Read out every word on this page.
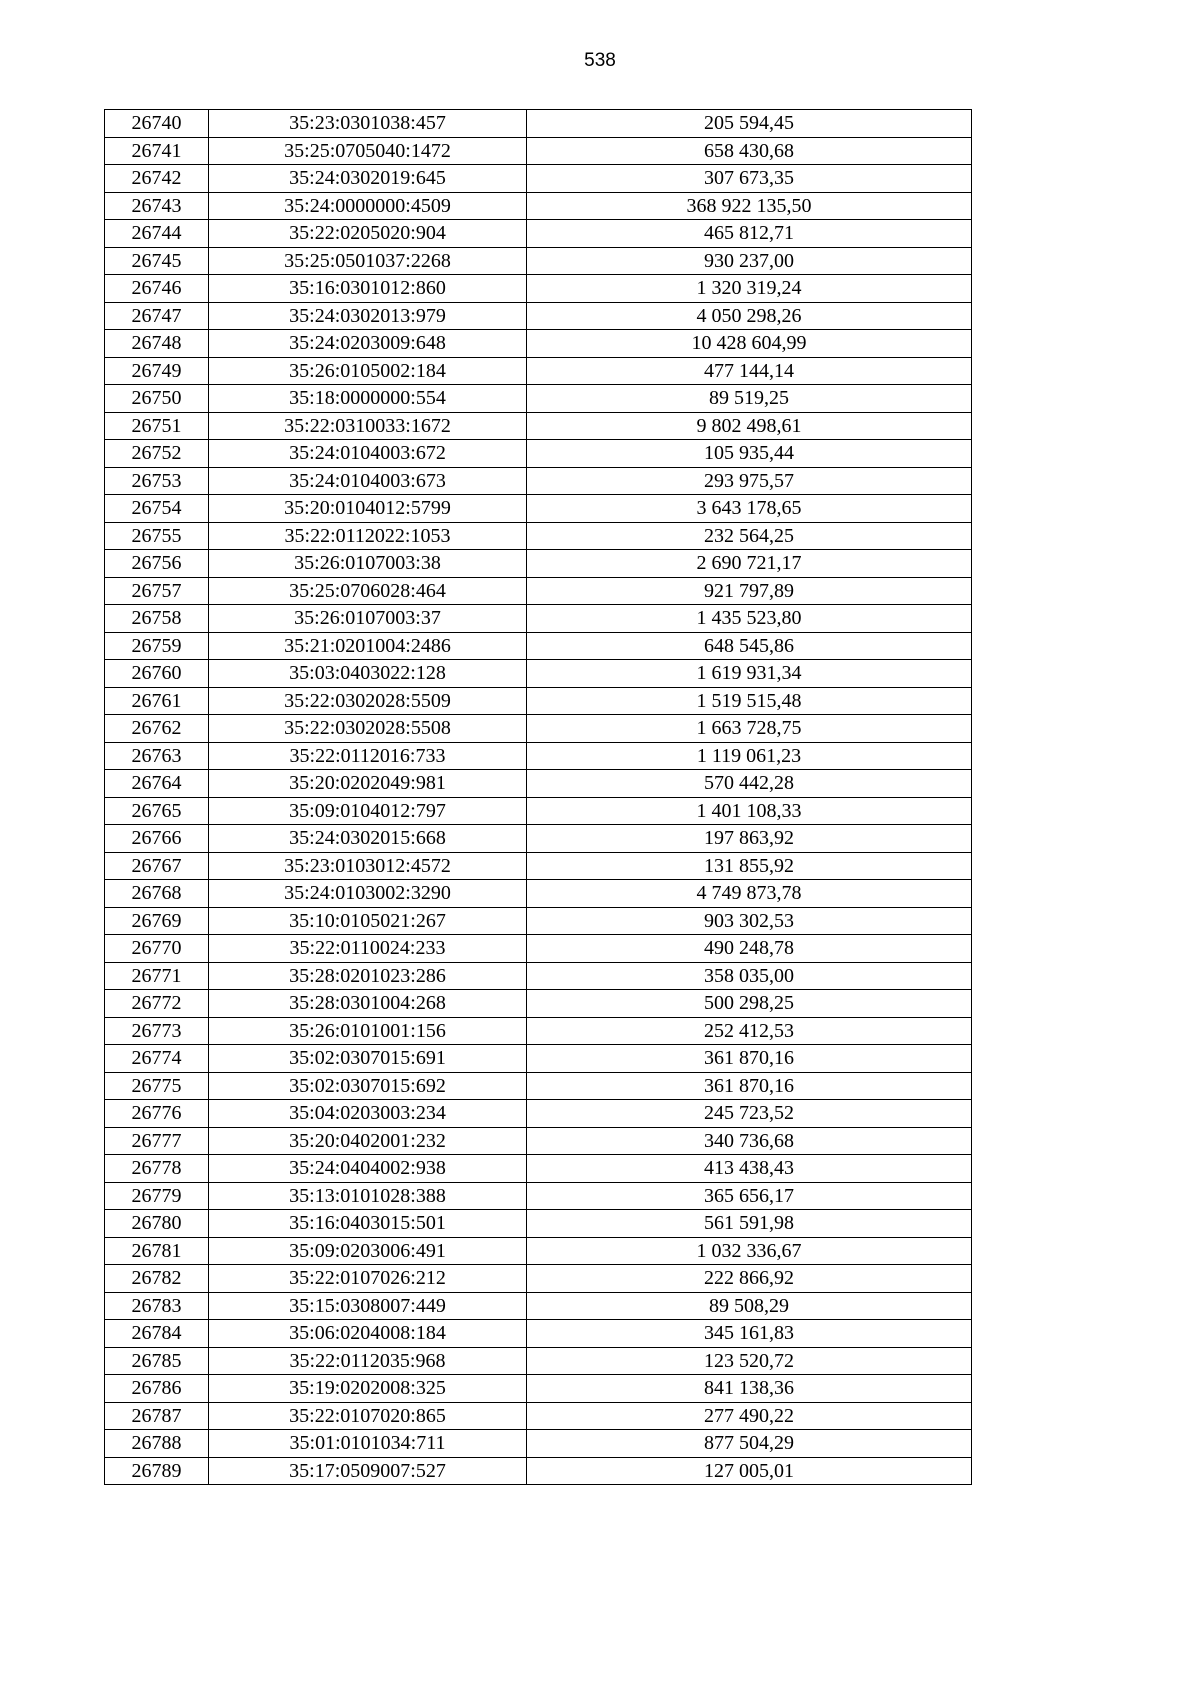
538
26740	35:23:0301038:457	205 594,45
26741	35:25:0705040:1472	658 430,68
26742	35:24:0302019:645	307 673,35
26743	35:24:0000000:4509	368 922 135,50
26744	35:22:0205020:904	465 812,71
26745	35:25:0501037:2268	930 237,00
26746	35:16:0301012:860	1 320 319,24
26747	35:24:0302013:979	4 050 298,26
26748	35:24:0203009:648	10 428 604,99
26749	35:26:0105002:184	477 144,14
26750	35:18:0000000:554	89 519,25
26751	35:22:0310033:1672	9 802 498,61
26752	35:24:0104003:672	105 935,44
26753	35:24:0104003:673	293 975,57
26754	35:20:0104012:5799	3 643 178,65
26755	35:22:0112022:1053	232 564,25
26756	35:26:0107003:38	2 690 721,17
26757	35:25:0706028:464	921 797,89
26758	35:26:0107003:37	1 435 523,80
26759	35:21:0201004:2486	648 545,86
26760	35:03:0403022:128	1 619 931,34
26761	35:22:0302028:5509	1 519 515,48
26762	35:22:0302028:5508	1 663 728,75
26763	35:22:0112016:733	1 119 061,23
26764	35:20:0202049:981	570 442,28
26765	35:09:0104012:797	1 401 108,33
26766	35:24:0302015:668	197 863,92
26767	35:23:0103012:4572	131 855,92
26768	35:24:0103002:3290	4 749 873,78
26769	35:10:0105021:267	903 302,53
26770	35:22:0110024:233	490 248,78
26771	35:28:0201023:286	358 035,00
26772	35:28:0301004:268	500 298,25
26773	35:26:0101001:156	252 412,53
26774	35:02:0307015:691	361 870,16
26775	35:02:0307015:692	361 870,16
26776	35:04:0203003:234	245 723,52
26777	35:20:0402001:232	340 736,68
26778	35:24:0404002:938	413 438,43
26779	35:13:0101028:388	365 656,17
26780	35:16:0403015:501	561 591,98
26781	35:09:0203006:491	1 032 336,67
26782	35:22:0107026:212	222 866,92
26783	35:15:0308007:449	89 508,29
26784	35:06:0204008:184	345 161,83
26785	35:22:0112035:968	123 520,72
26786	35:19:0202008:325	841 138,36
26787	35:22:0107020:865	277 490,22
26788	35:01:0101034:711	877 504,29
26789	35:17:0509007:527	127 005,01
